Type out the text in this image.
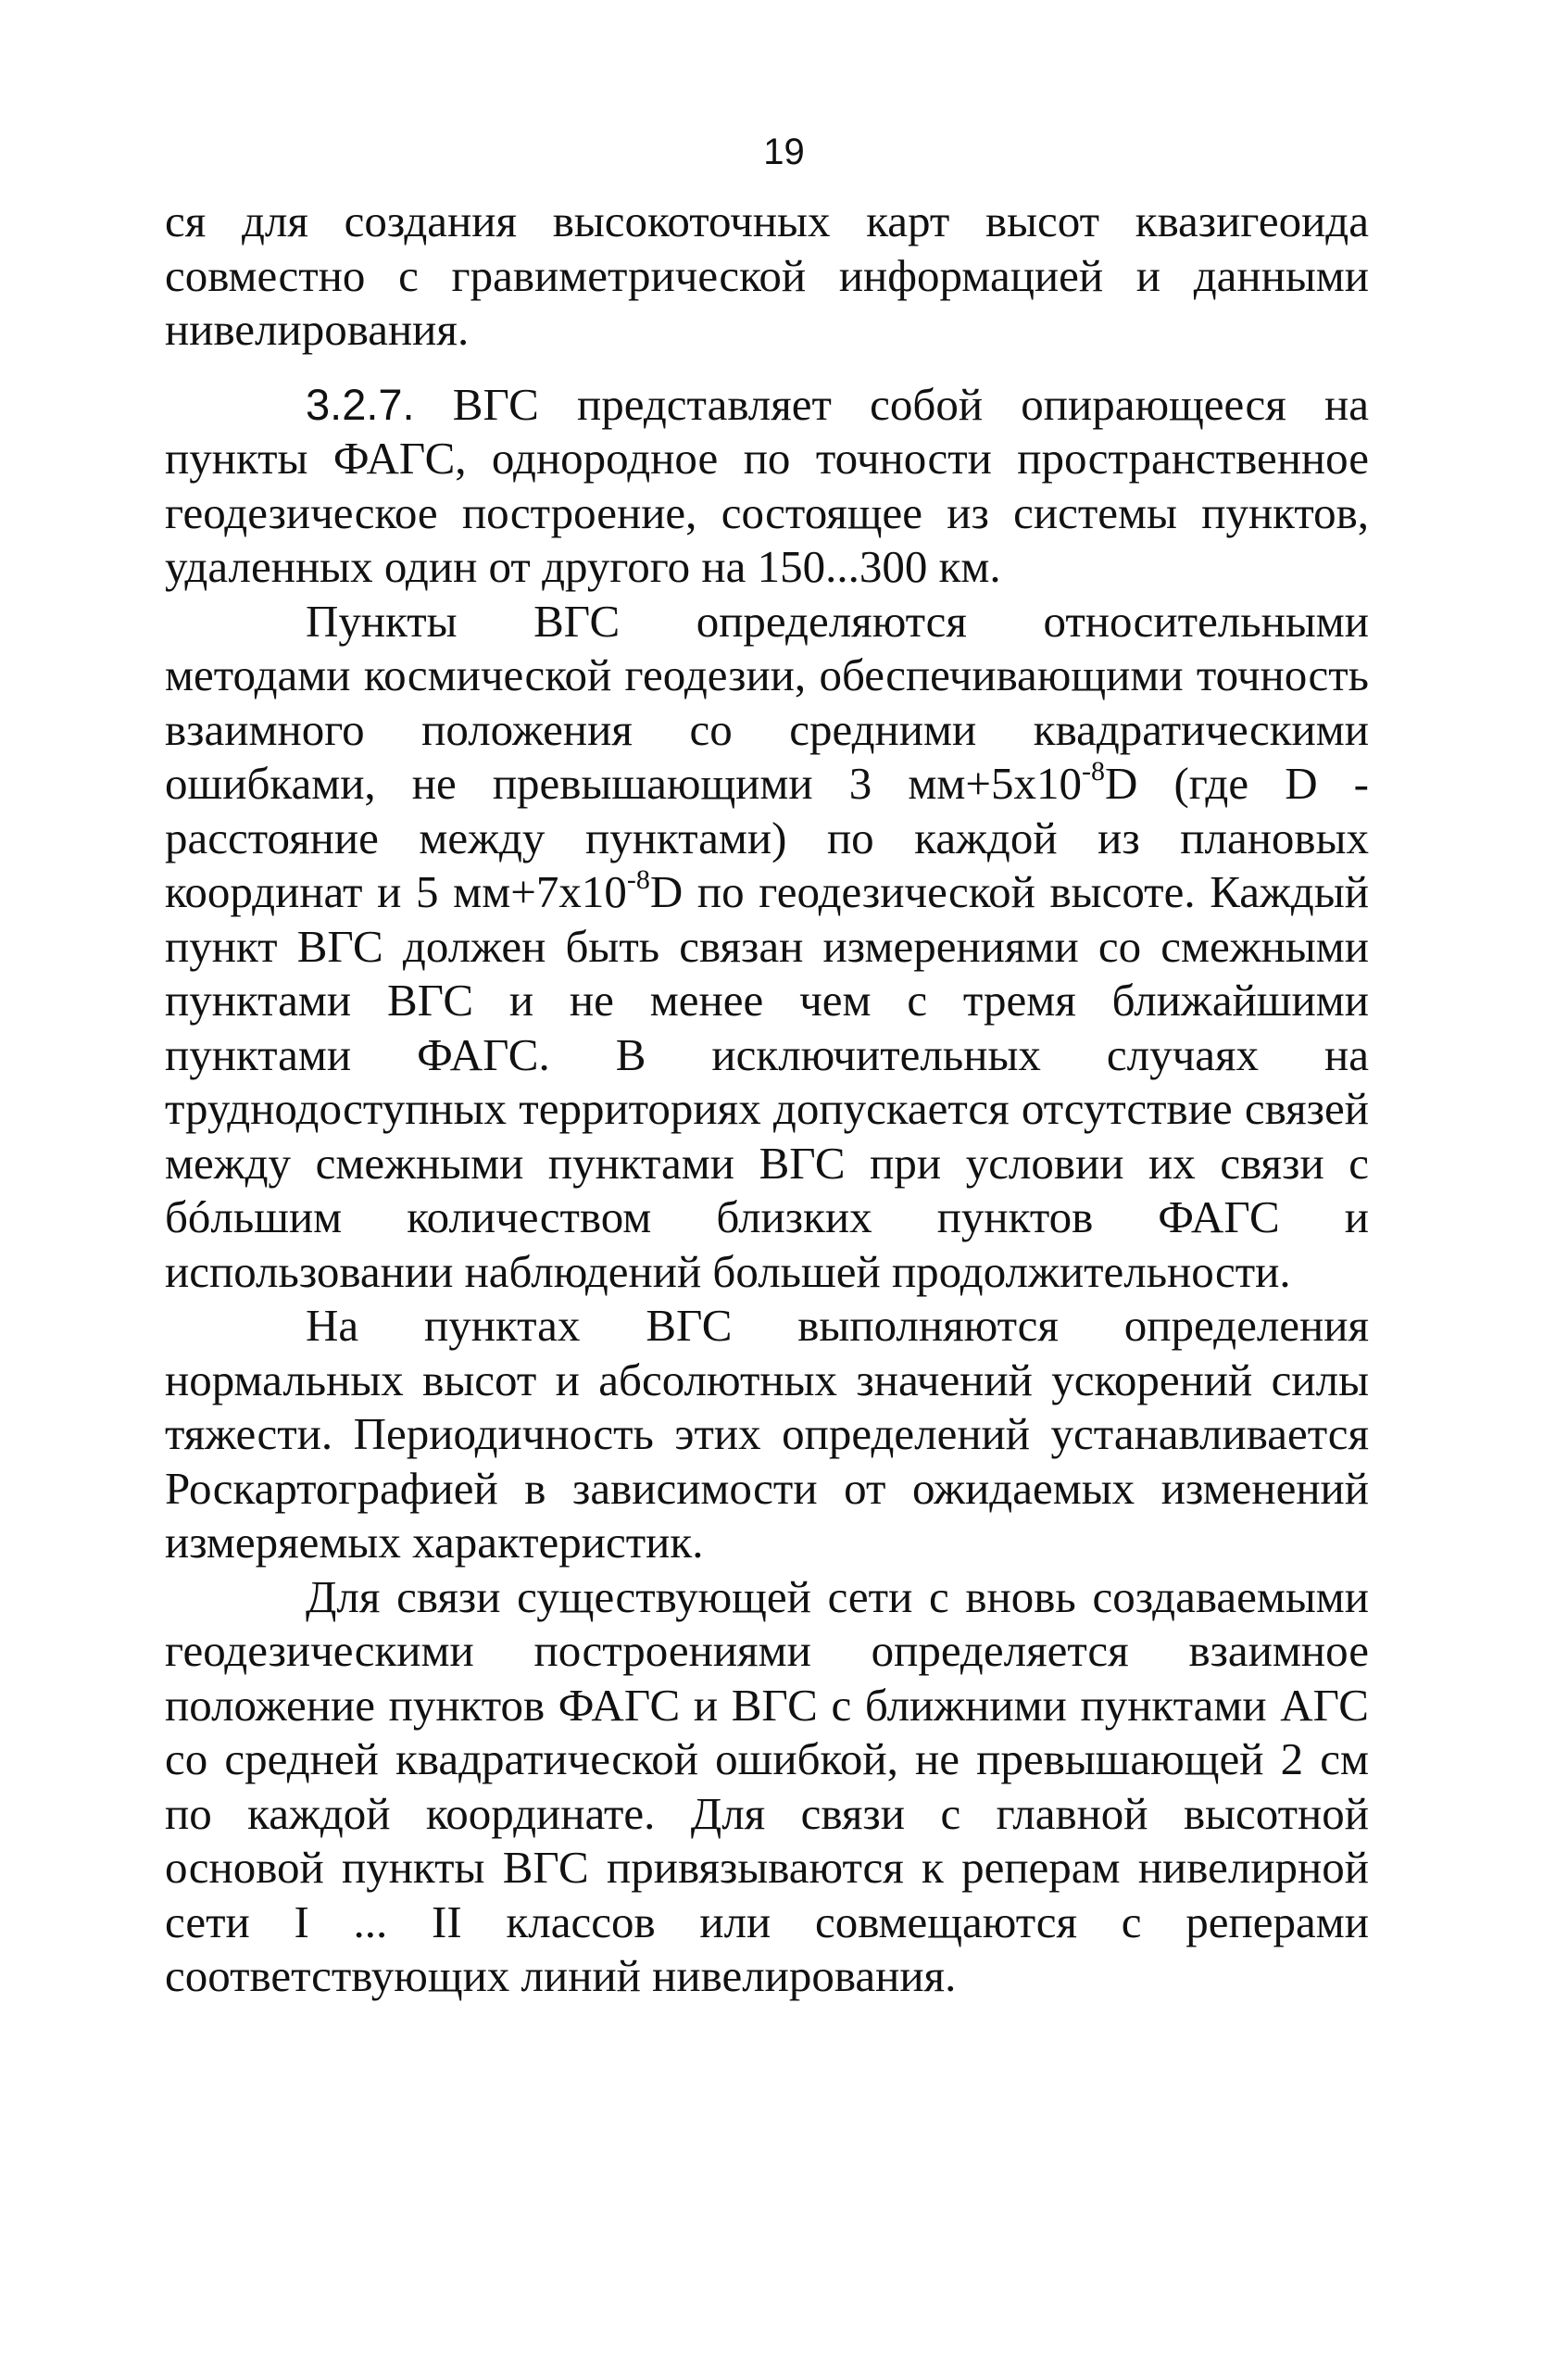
19

ся для создания высокоточных карт высот квазигеоида совместно с гравиметрической информацией и данными нивелирования.

3.2.7. ВГС представляет собой опирающееся на пункты ФАГС, однородное по точности пространственное геодезическое построение, состоящее из системы пунктов, удаленных один от другого на 150...300 км.

Пункты ВГС определяются относительными методами космической геодезии, обеспечивающими точность взаимного положения со средними квадратическими ошибками, не превышающими 3 $мм+5х10^{-8}D$ (где D - расстояние между пунктами) по каждой из плановых координат и 5 $мм+7х10^{-8}D$ по геодезической высоте. Каждый пункт ВГС должен быть связан измерениями со смежными пунктами ВГС и не менее чем с тремя ближайшими пунктами ФАГС. В исключительных случаях на труднодоступных территориях допускается отсутствие связей между смежными пунктами ВГС при условии их связи с бóльшим количеством близких пунктов ФАГС и использовании наблюдений большей продолжительности.

На пунктах ВГС выполняются определения нормальных высот и абсолютных значений ускорений силы тяжести. Периодичность этих определений устанавливается Роскартографией в зависимости от ожидаемых изменений измеряемых характеристик.

Для связи существующей сети с вновь создаваемыми геодезическими построениями определяется взаимное положение пунктов ФАГС и ВГС с ближними пунктами АГС со средней квадратической ошибкой, не превышающей 2 см по каждой координате. Для связи с главной высотной основой пункты ВГС привязываются к реперам нивелирной сети I ... II классов или совмещаются с реперами соответствующих линий нивелирования.
